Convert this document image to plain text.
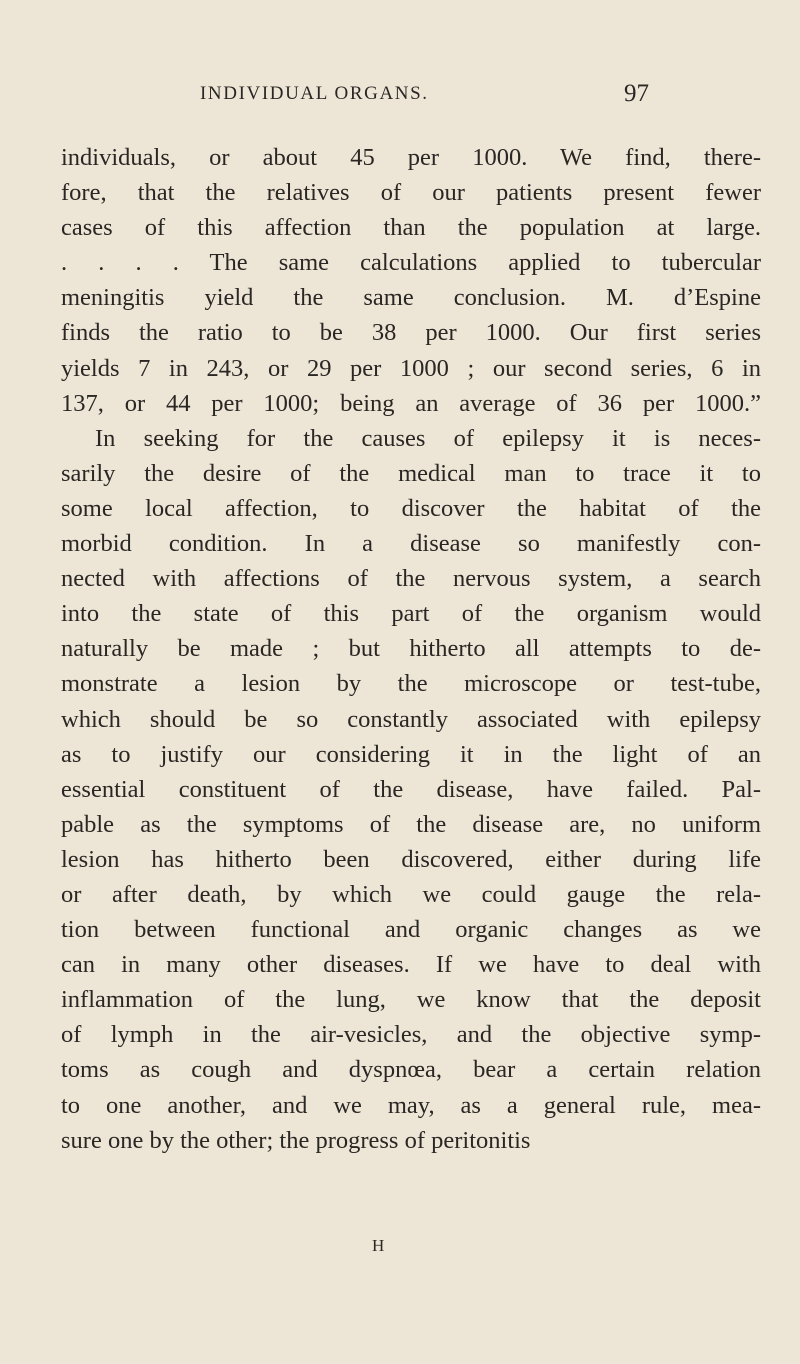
INDIVIDUAL ORGANS.	97
individuals, or about 45 per 1000. We find, there-
fore, that the relatives of our patients present fewer
cases of this affection than the population at large.
. . . . The same calculations applied to tubercular
meningitis yield the same conclusion. M. d’Espine
finds the ratio to be 38 per 1000. Our first series
yields 7 in 243, or 29 per 1000 ; our second series, 6 in
137, or 44 per 1000; being an average of 36 per 1000.”
In seeking for the causes of epilepsy it is neces-
sarily the desire of the medical man to trace it to
some local affection, to discover the habitat of the
morbid condition. In a disease so manifestly con-
nected with affections of the nervous system, a search
into the state of this part of the organism would
naturally be made ; but hitherto all attempts to de-
monstrate a lesion by the microscope or test-tube,
which should be so constantly associated with epilepsy
as to justify our considering it in the light of an
essential constituent of the disease, have failed. Pal-
pable as the symptoms of the disease are, no uniform
lesion has hitherto been discovered, either during life
or after death, by which we could gauge the rela-
tion between functional and organic changes as we
can in many other diseases. If we have to deal with
inflammation of the lung, we know that the deposit
of lymph in the air-vesicles, and the objective symp-
toms as cough and dyspnœa, bear a certain relation
to one another, and we may, as a general rule, mea-
sure one by the other; the progress of peritonitis
H
